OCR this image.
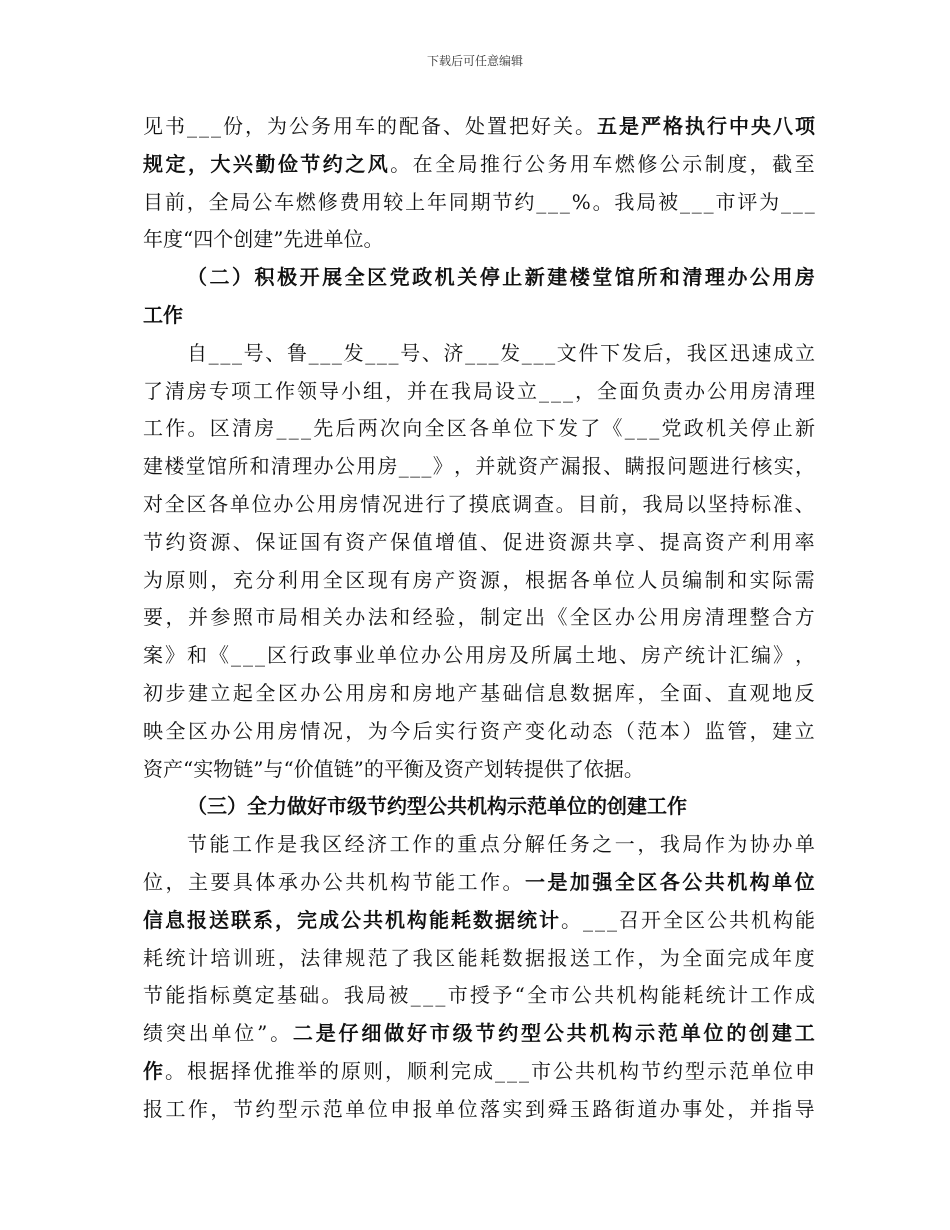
下载后可任意编辑
见 书 _ _ _ 份 ， 为 公 务 用 车 的 配 备 、 处 置 把 好 关 。 五 是 严 格 执 行 中 央 八 项
规 定 ， 大 兴 勤 俭 节 约 之 风 。 在 全 局 推 行 公 务 用 车 燃 修 公 示 制 度 ， 截 至
目 前 ， 全 局 公 车 燃 修 费 用 较 上 年 同 期 节 约 _ _ _ % 。 我 局 被 _ _ _ 市 评 为 _ _ _
年度“四个创建”先进单位。
（ 二 ） 积 极 开 展 全 区 党 政 机 关 停 止 新 建 楼 堂 馆 所 和 清 理 办 公 用 房
工作
自 _ _ _ 号 、 鲁 _ _ _ 发 _ _ _ 号 、 济 _ _ _ 发 _ _ _ 文 件 下 发 后 ， 我 区 迅 速 成 立
了 清 房 专 项 工 作 领 导 小 组 ， 并 在 我 局 设 立 _ _ _ ， 全 面 负 责 办 公 用 房 清 理
工 作 。 区 清 房 _ _ _ 先 后 两 次 向 全 区 各 单 位 下 发 了 《 _ _ _ 党 政 机 关 停 止 新
建 楼 堂 馆 所 和 清 理 办 公 用 房 _ _ _ 》 ， 并 就 资 产 漏 报 、 瞒 报 问 题 进 行 核 实 ，
对 全 区 各 单 位 办 公 用 房 情 况 进 行 了 摸 底 调 查 。 目 前 ， 我 局 以 坚 持 标 准 、
节 约 资 源 、 保 证 国 有 资 产 保 值 增 值 、 促 进 资 源 共 享 、 提 高 资 产 利 用 率
为 原 则 ， 充 分 利 用 全 区 现 有 房 产 资 源 ， 根 据 各 单 位 人 员 编 制 和 实 际 需
要 ， 并 参 照 市 局 相 关 办 法 和 经 验 ， 制 定 出 《 全 区 办 公 用 房 清 理 整 合 方
案 》 和 《 _ _ _ 区 行 政 事 业 单 位 办 公 用 房 及 所 属 土 地 、 房 产 统 计 汇 编 》 ，
初 步 建 立 起 全 区 办 公 用 房 和 房 地 产 基 础 信 息 数 据 库 ， 全 面 、 直 观 地 反
映 全 区 办 公 用 房 情 况 ， 为 今 后 实 行 资 产 变 化 动 态 （ 范 本 ） 监 管 ， 建 立
资产“实物链”与“价值链”的平衡及资产划转提供了依据。
（三）全力做好市级节约型公共机构示范单位的创建工作
节 能 工 作 是 我 区 经 济 工 作 的 重 点 分 解 任 务 之 一 ， 我 局 作 为 协 办 单
位 ， 主 要 具 体 承 办 公 共 机 构 节 能 工 作 。 一 是 加 强 全 区 各 公 共 机 构 单 位
信 息 报 送 联 系 ， 完 成 公 共 机 构 能 耗 数 据 统 计 。 _ _ _ 召 开 全 区 公 共 机 构 能
耗 统 计 培 训 班 ， 法 律 规 范 了 我 区 能 耗 数 据 报 送 工 作 ， 为 全 面 完 成 年 度
节 能 指 标 奠 定 基 础 。 我 局 被 _ _ _ 市 授 予 “ 全 市 公 共 机 构 能 耗 统 计 工 作 成
绩 突 出 单 位 ” 。 二 是 仔 细 做 好 市 级 节 约 型 公 共 机 构 示 范 单 位 的 创 建 工
作 。 根 据 择 优 推 举 的 原 则 ， 顺 利 完 成 _ _ _ 市 公 共 机 构 节 约 型 示 范 单 位 申
报 工 作 ， 节 约 型 示 范 单 位 申 报 单 位 落 实 到 舜 玉 路 街 道 办 事 处 ， 并 指 导
